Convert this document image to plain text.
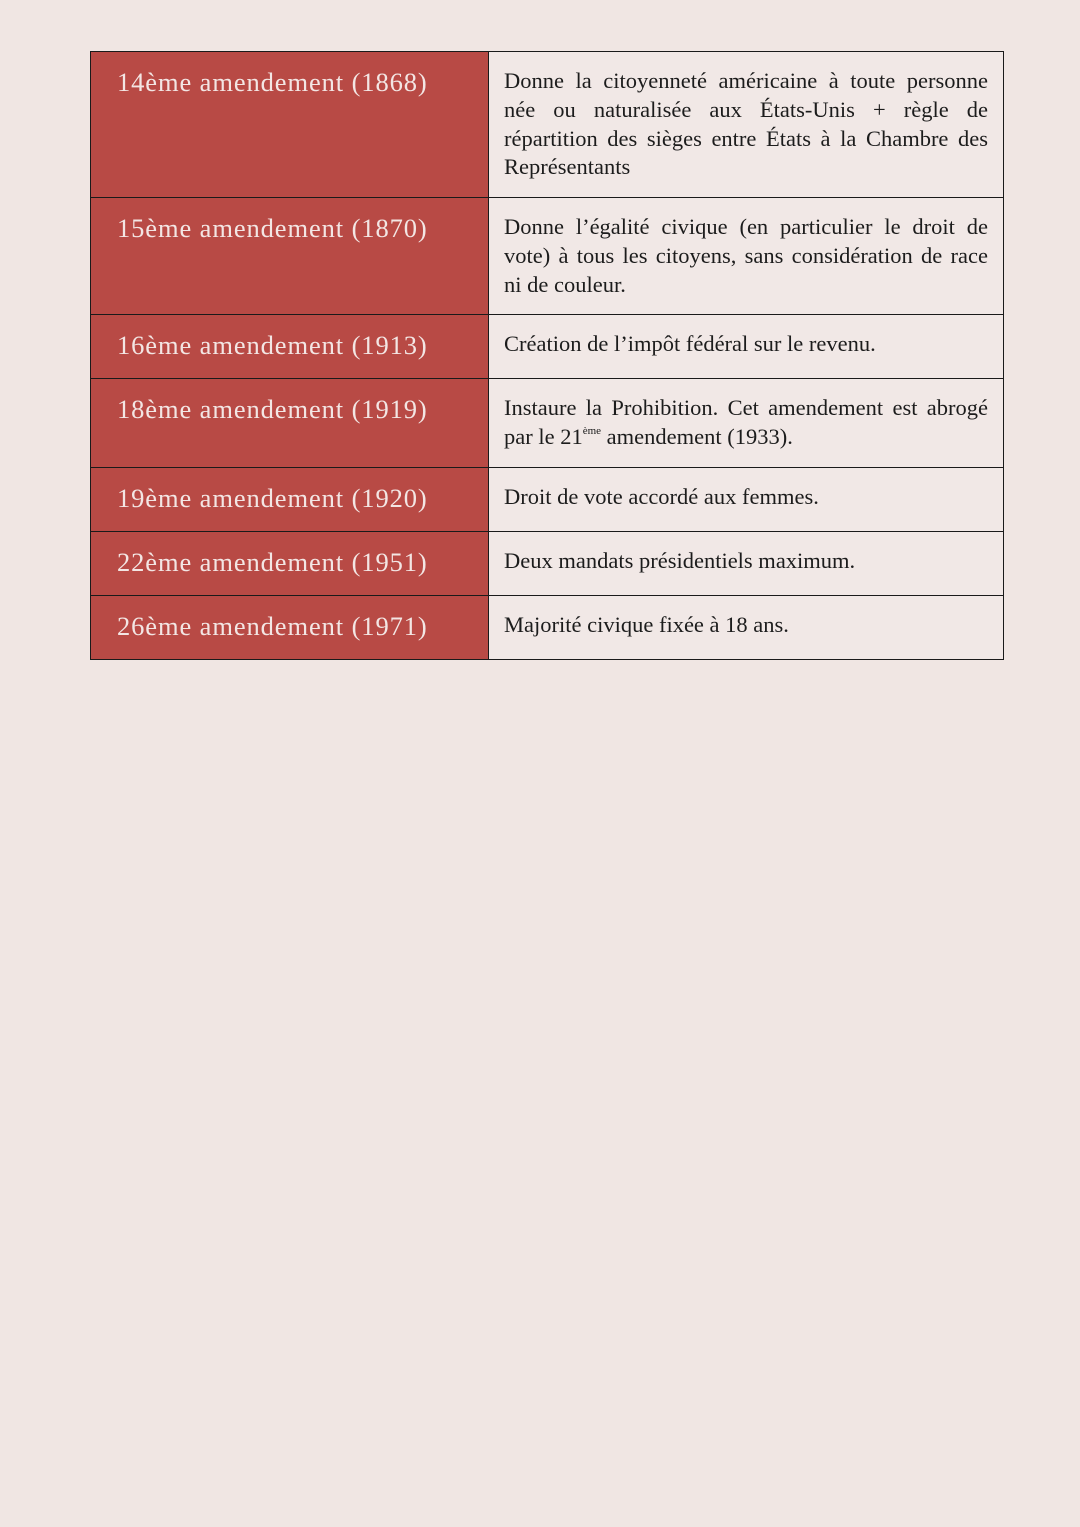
14ème amendement (1868)	Donne la citoyenneté américaine à toute personne née ou naturalisée aux États-Unis + règle de répartition des sièges entre États à la Chambre des Représentants
15ème amendement (1870)	Donne l’égalité civique (en particulier le droit de vote) à tous les citoyens, sans considération de race ni de couleur.
16ème amendement (1913)	Création de l’impôt fédéral sur le revenu.
18ème amendement (1919)	Instaure la Prohibition. Cet amendement est abrogé par le 21ème amendement (1933).
19ème amendement (1920)	Droit de vote accordé aux femmes.
22ème amendement (1951)	Deux mandats présidentiels maximum.
26ème amendement (1971)	Majorité civique fixée à 18 ans.
